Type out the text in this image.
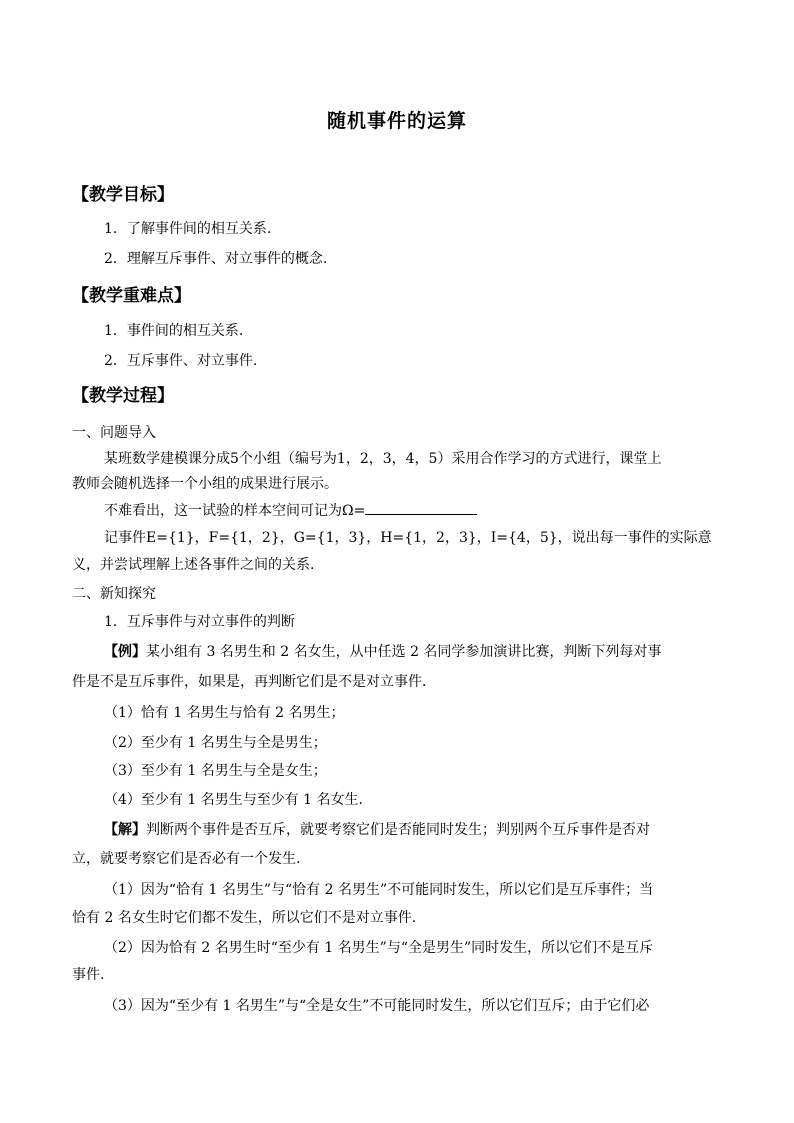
随机事件的运算
【教学目标】
1．了解事件间的相互关系.
2．理解互斥事件、对立事件的概念.
【教学重难点】
1．事件间的相互关系.
2．互斥事件、对立事件.
【教学过程】
一、问题导入
某班数学建模课分成5个小组（编号为1，2，3，4，5）采用合作学习的方式进行，课堂上
教师会随机选择一个小组的成果进行展示。
不难看出，这一试验的样本空间可记为Ω=
记事件E={1}，F={1，2}，G={1，3}，H={1，2，3}，I={4，5}，说出每一事件的实际意
义，并尝试理解上述各事件之间的关系.
二、新知探究
1．互斥事件与对立事件的判断
【例】某小组有 3 名男生和 2 名女生，从中任选 2 名同学参加演讲比赛，判断下列每对事
件是不是互斥事件，如果是，再判断它们是不是对立事件.
（1）恰有 1 名男生与恰有 2 名男生；
（2）至少有 1 名男生与全是男生；
（3）至少有 1 名男生与全是女生；
（4）至少有 1 名男生与至少有 1 名女生.
【解】判断两个事件是否互斥，就要考察它们是否能同时发生；判别两个互斥事件是否对
立，就要考察它们是否必有一个发生.
（1）因为“恰有 1 名男生”与“恰有 2 名男生”不可能同时发生，所以它们是互斥事件；当
恰有 2 名女生时它们都不发生，所以它们不是对立事件.
（2）因为恰有 2 名男生时“至少有 1 名男生”与“全是男生”同时发生，所以它们不是互斥
事件.
（3）因为“至少有 1 名男生”与“全是女生”不可能同时发生，所以它们互斥；由于它们必
